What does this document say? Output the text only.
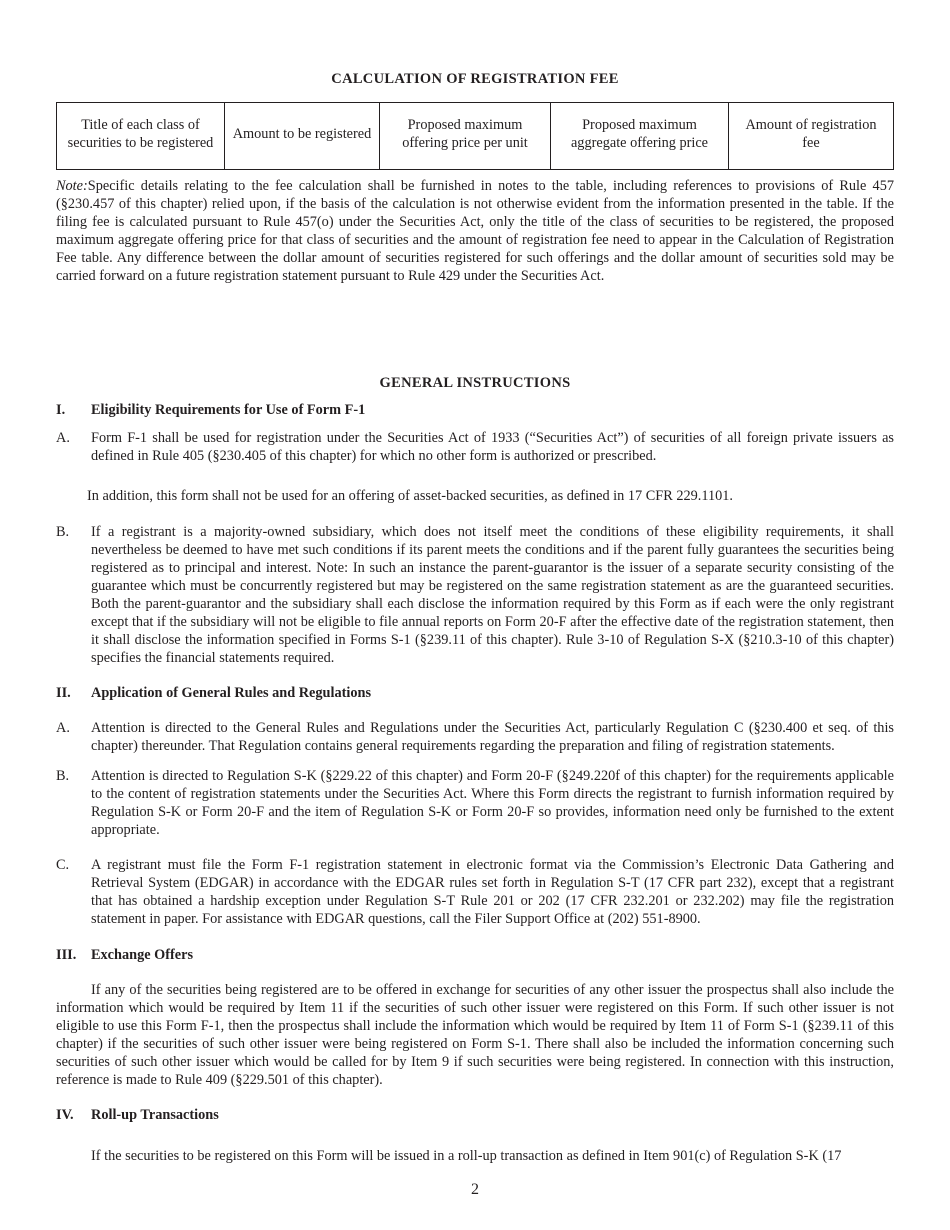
CALCULATION OF REGISTRATION FEE
Title of each class of securities to be registered	Amount to be registered	Proposed maximum offering price per unit	Proposed maximum aggregate offering price	Amount of registration fee
Note:Specific details relating to the fee calculation shall be furnished in notes to the table, including references to provisions of Rule 457 (§230.457 of this chapter) relied upon, if the basis of the calculation is not otherwise evident from the information presented in the table. If the filing fee is calculated pursuant to Rule 457(o) under the Securities Act, only the title of the class of securities to be registered, the proposed maximum aggregate offering price for that class of securities and the amount of registration fee need to appear in the Calculation of Registration Fee table. Any difference between the dollar amount of securities registered for such offerings and the dollar amount of securities sold may be carried forward on a future registration statement pursuant to Rule 429 under the Securities Act.
GENERAL INSTRUCTIONS
I. Eligibility Requirements for Use of Form F-1
A. Form F-1 shall be used for registration under the Securities Act of 1933 (“Securities Act”) of securities of all foreign private issuers as defined in Rule 405 (§230.405 of this chapter) for which no other form is authorized or prescribed.
In addition, this form shall not be used for an offering of asset-backed securities, as defined in 17 CFR 229.1101.
B. If a registrant is a majority-owned subsidiary, which does not itself meet the conditions of these eligibility requirements, it shall nevertheless be deemed to have met such conditions if its parent meets the conditions and if the parent fully guarantees the securities being registered as to principal and interest. Note: In such an instance the parent-guarantor is the issuer of a separate security consisting of the guarantee which must be concurrently registered but may be registered on the same registration statement as are the guaranteed securities. Both the parent-guarantor and the subsidiary shall each disclose the information required by this Form as if each were the only registrant except that if the subsidiary will not be eligible to file annual reports on Form 20-F after the effective date of the registration statement, then it shall disclose the information specified in Forms S-1 (§239.11 of this chapter). Rule 3-10 of Regulation S-X (§210.3-10 of this chapter) specifies the financial statements required.
II. Application of General Rules and Regulations
A. Attention is directed to the General Rules and Regulations under the Securities Act, particularly Regulation C (§230.400 et seq. of this chapter) thereunder. That Regulation contains general requirements regarding the preparation and filing of registration statements.
B. Attention is directed to Regulation S-K (§229.22 of this chapter) and Form 20-F (§249.220f of this chapter) for the requirements applicable to the content of registration statements under the Securities Act. Where this Form directs the registrant to furnish information required by Regulation S-K or Form 20-F and the item of Regulation S-K or Form 20-F so provides, information need only be furnished to the extent appropriate.
C. A registrant must file the Form F-1 registration statement in electronic format via the Commission’s Electronic Data Gathering and Retrieval System (EDGAR) in accordance with the EDGAR rules set forth in Regulation S-T (17 CFR part 232), except that a registrant that has obtained a hardship exception under Regulation S-T Rule 201 or 202 (17 CFR 232.201 or 232.202) may file the registration statement in paper. For assistance with EDGAR questions, call the Filer Support Office at (202) 551-8900.
III. Exchange Offers
If any of the securities being registered are to be offered in exchange for securities of any other issuer the prospectus shall also include the information which would be required by Item 11 if the securities of such other issuer were registered on this Form. If such other issuer is not eligible to use this Form F-1, then the prospectus shall include the information which would be required by Item 11 of Form S-1 (§239.11 of this chapter) if the securities of such other issuer were being registered on Form S-1. There shall also be included the information concerning such securities of such other issuer which would be called for by Item 9 if such securities were being registered. In connection with this instruction, reference is made to Rule 409 (§229.501 of this chapter).
IV. Roll-up Transactions
If the securities to be registered on this Form will be issued in a roll-up transaction as defined in Item 901(c) of Regulation S-K (17
2
